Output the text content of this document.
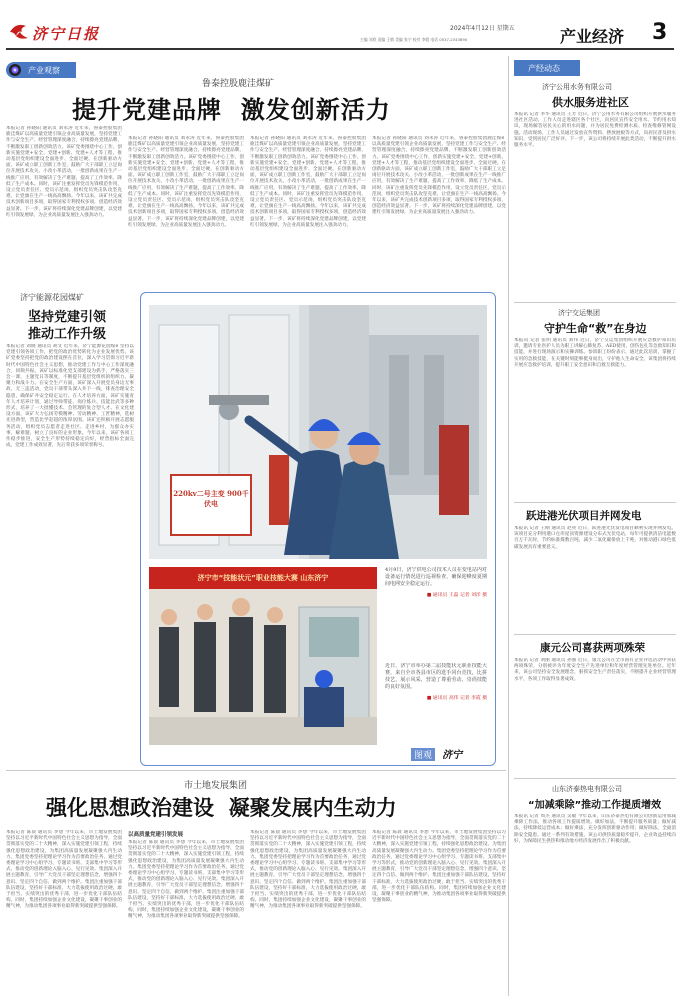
济宁日报	2024年4月12日 星期五
主编 刘欣 责编 王敏 美编 张宁 校对 李霞 电话 0537-2343890	产业经济 3
产业观察
鲁泰控股鹿洼煤矿
提升党建品牌  激发创新活力
本报记者 孙晓阳 通讯员 刘永涛 近年来，鲁泰控股集团鹿洼煤矿以高质量党建引领企业高质量发展，坚持党建工作与安全生产、经营管理深度融合，持续擦亮党建品牌，不断激发职工创新创效活力。该矿党委围绕中心工作，创新实施党建+安全、党建+创新、党建+人才等工程，推动基层党组织建设全面进步、全面过硬。在创新驱动方面，该矿成立职工创新工作室，鼓励广大干部职工立足岗位开展技术攻关、小改小革活动，一批创新成果在生产一线推广应用，有效解决了生产难题，提高了工作效率，降低了生产成本。同时，该矿注重发挥党员先锋模范作用，设立党员责任区、党员示范岗，组织党员突击队攻坚克难，让党旗在生产一线高高飘扬。今年以来，该矿共完成技术创新项目多项，取得国家专利授权多项，创造经济效益显著。下一步，该矿将持续深化党建品牌创建，以党建红引领发展绿，为企业高质量发展注入强劲动力。
本报记者 孙晓阳 通讯员 刘永涛 近年来，鲁泰控股集团鹿洼煤矿以高质量党建引领企业高质量发展，坚持党建工作与安全生产、经营管理深度融合，持续擦亮党建品牌，不断激发职工创新创效活力。该矿党委围绕中心工作，创新实施党建+安全、党建+创新、党建+人才等工程，推动基层党组织建设全面进步、全面过硬。在创新驱动方面，该矿成立职工创新工作室，鼓励广大干部职工立足岗位开展技术攻关、小改小革活动，一批创新成果在生产一线推广应用，有效解决了生产难题，提高了工作效率，降低了生产成本。同时，该矿注重发挥党员先锋模范作用，设立党员责任区、党员示范岗，组织党员突击队攻坚克难，让党旗在生产一线高高飘扬。今年以来，该矿共完成技术创新项目多项，取得国家专利授权多项，创造经济效益显著。下一步，该矿将持续深化党建品牌创建，以党建红引领发展绿，为企业高质量发展注入强劲动力。
本报记者 孙晓阳 通讯员 刘永涛 近年来，鲁泰控股集团鹿洼煤矿以高质量党建引领企业高质量发展，坚持党建工作与安全生产、经营管理深度融合，持续擦亮党建品牌，不断激发职工创新创效活力。该矿党委围绕中心工作，创新实施党建+安全、党建+创新、党建+人才等工程，推动基层党组织建设全面进步、全面过硬。在创新驱动方面，该矿成立职工创新工作室，鼓励广大干部职工立足岗位开展技术攻关、小改小革活动，一批创新成果在生产一线推广应用，有效解决了生产难题，提高了工作效率，降低了生产成本。同时，该矿注重发挥党员先锋模范作用，设立党员责任区、党员示范岗，组织党员突击队攻坚克难，让党旗在生产一线高高飘扬。今年以来，该矿共完成技术创新项目多项，取得国家专利授权多项，创造经济效益显著。下一步，该矿将持续深化党建品牌创建，以党建红引领发展绿，为企业高质量发展注入强劲动力。
本报记者 孙晓阳 通讯员 刘永涛 近年来，鲁泰控股集团鹿洼煤矿以高质量党建引领企业高质量发展，坚持党建工作与安全生产、经营管理深度融合，持续擦亮党建品牌，不断激发职工创新创效活力。该矿党委围绕中心工作，创新实施党建+安全、党建+创新、党建+人才等工程，推动基层党组织建设全面进步、全面过硬。在创新驱动方面，该矿成立职工创新工作室，鼓励广大干部职工立足岗位开展技术攻关、小改小革活动，一批创新成果在生产一线推广应用，有效解决了生产难题，提高了工作效率，降低了生产成本。同时，该矿注重发挥党员先锋模范作用，设立党员责任区、党员示范岗，组织党员突击队攻坚克难，让党旗在生产一线高高飘扬。今年以来，该矿共完成技术创新项目多项，取得国家专利授权多项，创造经济效益显著。下一步，该矿将持续深化党建品牌创建，以党建红引领发展绿，为企业高质量发展注入强劲动力。
济宁能源花园煤矿
坚持党建引领
推动工作升级
本报记者 刘晓 通讯员 胡文 近年来，济宁能源花园煤矿坚持以党建引领各项工作，把党的政治优势转化为企业发展优势。该矿党委坚持把党的政治建设摆在首位，深入学习贯彻习近平新时代中国特色社会主义思想，推动党建工作与中心工作深度融合，同频共振。该矿以标准化党支部建设为抓手，严格落实三会一课、主题党日等制度，不断提升基层党组织的组织力、凝聚力和战斗力。在安全生产方面，该矿深入开展党员身边无事故、无三违活动，党员干部带头深入井下一线，排查治理安全隐患，确保矿井安全稳定运行。在人才培养方面，该矿实施青年人才培养计划，通过导师带徒、岗位练兵、技能比武等多种形式，培养了一大批懂技术、会管理的复合型人才。在文化建设方面，该矿大力弘扬劳模精神、劳动精神、工匠精神，选树先进典型，营造比学赶超的浓厚氛围。该矿还积极开展志愿服务活动，组织党员志愿者走进社区、走进乡村，为群众办实事、解难题，树立了良好的企业形象。今年以来，该矿各项工作稳步推进，安全生产形势持续稳定向好，经营指标全面完成，党建工作成效显著，先后荣获多项荣誉称号。
220kv二号主变 900千伏电
济宁市“技能状元”职业技能大赛 山东济宁
4月9日，济宁供电公司技术人员在变电站内对设备运行情况进行巡视检查，确保迎峰度夏期间电网安全稳定运行。
■ 通讯员 王磊 记者 刘洋 摄
近日，济宁市举办第二届技能状元职业技能大赛，来自全市各县市区的选手同台竞技，比拼技艺，展示风采，营造了尊重劳动、崇尚技能的良好氛围。
■ 通讯员 高伟 记者 李霞 摄
图观 济宁
市土地发展集团
强化思想政治建设  凝聚发展内生动力
本报记者 陈晨 通讯员 李想 今年以来，市土地发展集团坚持以习近平新时代中国特色社会主义思想为指导，全面贯彻落实党的二十大精神，深入实施党建引领工程，持续强化思想政治建设，为集团高质量发展凝聚强大内生动力。集团党委坚持把理论学习作为首要政治任务，通过党委理论学习中心组学习、专题读书班、支部集中学习等形式，推动党的创新理论入脑入心、见行见效。集团深入开展主题教育，引导广大党员干部坚定理想信念，增强四个意识、坚定四个自信、做到两个维护。集团注重加强干部队伍建设，坚持好干部标准，大力选拔使用政治过硬、敢于担当、实绩突出的优秀干部，进一步优化干部队伍结构。同时，集团持续加强企业文化建设，凝聚干事创业的精气神，为推动集团各项事业取得新突破提供坚强保障。
以高质量党建引领发展
本报记者 陈晨 通讯员 李想 今年以来，市土地发展集团坚持以习近平新时代中国特色社会主义思想为指导，全面贯彻落实党的二十大精神，深入实施党建引领工程，持续强化思想政治建设，为集团高质量发展凝聚强大内生动力。集团党委坚持把理论学习作为首要政治任务，通过党委理论学习中心组学习、专题读书班、支部集中学习等形式，推动党的创新理论入脑入心、见行见效。集团深入开展主题教育，引导广大党员干部坚定理想信念，增强四个意识、坚定四个自信、做到两个维护。集团注重加强干部队伍建设，坚持好干部标准，大力选拔使用政治过硬、敢于担当、实绩突出的优秀干部，进一步优化干部队伍结构。同时，集团持续加强企业文化建设，凝聚干事创业的精气神，为推动集团各项事业取得新突破提供坚强保障。
本报记者 陈晨 通讯员 李想 今年以来，市土地发展集团坚持以习近平新时代中国特色社会主义思想为指导，全面贯彻落实党的二十大精神，深入实施党建引领工程，持续强化思想政治建设，为集团高质量发展凝聚强大内生动力。集团党委坚持把理论学习作为首要政治任务，通过党委理论学习中心组学习、专题读书班、支部集中学习等形式，推动党的创新理论入脑入心、见行见效。集团深入开展主题教育，引导广大党员干部坚定理想信念，增强四个意识、坚定四个自信、做到两个维护。集团注重加强干部队伍建设，坚持好干部标准，大力选拔使用政治过硬、敢于担当、实绩突出的优秀干部，进一步优化干部队伍结构。同时，集团持续加强企业文化建设，凝聚干事创业的精气神，为推动集团各项事业取得新突破提供坚强保障。
本报记者 陈晨 通讯员 李想 今年以来，市土地发展集团坚持以习近平新时代中国特色社会主义思想为指导，全面贯彻落实党的二十大精神，深入实施党建引领工程，持续强化思想政治建设，为集团高质量发展凝聚强大内生动力。集团党委坚持把理论学习作为首要政治任务，通过党委理论学习中心组学习、专题读书班、支部集中学习等形式，推动党的创新理论入脑入心、见行见效。集团深入开展主题教育，引导广大党员干部坚定理想信念，增强四个意识、坚定四个自信、做到两个维护。集团注重加强干部队伍建设，坚持好干部标准，大力选拔使用政治过硬、敢于担当、实绩突出的优秀干部，进一步优化干部队伍结构。同时，集团持续加强企业文化建设，凝聚干事创业的精气神，为推动集团各项事业取得新突破提供坚强保障。
产经动态
济宁公用水务有限公司
供水服务进社区
本报讯 记者 李华 通讯员 王芳 近日，济宁公用水务有限公司组织开展供水服务进社区活动，工作人员走进辖区各个社区，向居民宣传安全用水、节约用水知识，现场解答居民关心的用水问题，并为居民免费检测水质、检查维修管网设施。活动现场，工作人员通过发放宣传资料、摆放展板等方式，向居民普及供水知识，受到居民广泛好评。下一步，该公司将持续开展此类活动，不断提升供水服务水平。
济宁交运集团
守护生命“救”在身边
本报讯 记者 张明 通讯员 刘伟 近日，济宁交运集团组织开展应急救护知识培训，邀请专业医护人员为职工讲解心肺复苏、AED使用、创伤包扎等急救知识和技能，并进行现场演示和实操训练。参训职工纷纷表示，通过此次培训，掌握了实用的急救技能，在关键时刻能够挺身而出，守护他人生命安全。该集团将持续开展应急救护培训，提升职工安全意识和自救互救能力。
跃进港光伏项目并网发电
本报讯 记者 王刚 通讯员 赵亮 近日，跃进港光伏发电项目顺利实现并网发电。该项目充分利用港口仓库屋顶资源建设分布式光伏电站，每年可提供清洁电能数百万千瓦时，节约标准煤数百吨，减少二氧化碳排放上千吨，对推动港口绿色低碳发展具有重要意义。
康元公司喜获两项殊荣
本报讯 记者 刘丽 通讯员 孙强 近日，康元公司在全市国有企业评选活动中喜获两项殊荣，分别被评为年度安全生产先进单位和年度经营管理先进单位。近年来，该公司坚持安全发展理念，狠抓安全生产责任落实，不断提升企业经营管理水平，各项工作取得显著成效。
山东济泰热电有限公司
“加减乘除”推动工作提质增效
本报讯 记者 周杰 通讯员 吴敏 今年以来，山东济泰热电有限公司创新运用加减乘除工作法，推动各项工作提质增效。做好加法，不断提升服务质量；做好减法，持续降低运营成本；做好乘法，充分发挥创新驱动作用；做好除法，全面消除安全隐患。通过一系列有效措施，该公司供热质量稳步提升，企业效益持续向好，为保障民生供热和推动地方经济发展作出了积极贡献。
